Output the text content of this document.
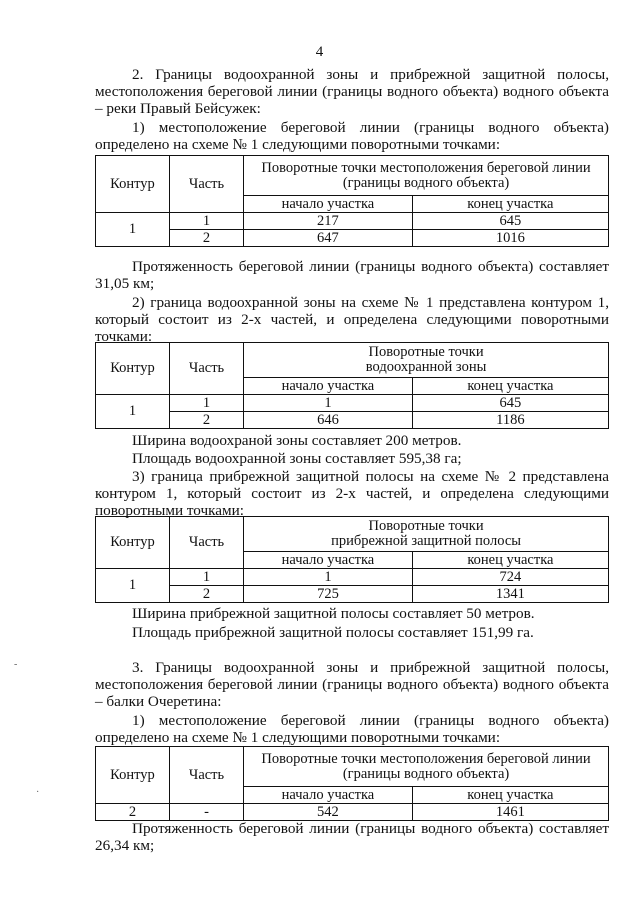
4

2. Границы водоохранной зоны и прибрежной защитной полосы, местоположения береговой линии (границы водного объекта) водного объекта – реки Правый Бейсужек:

1) местоположение береговой линии (границы водного объекта) определено на схеме № 1 следующими поворотными точками:

Контур	Часть	Поворотные точки местоположения береговой линии (границы водного объекта)	
		начало участка	конец участка
1	1	217	645
	2	647	1016

Протяженность береговой линии (границы водного объекта) составляет 31,05 км;

2) граница водоохранной зоны на схеме № 1 представлена контуром 1, который состоит из 2-х частей, и определена следующими поворотными точками:

Контур	Часть	Поворотные точки
водоохранной зоны	
		начало участка	конец участка
1	1	1	645
	2	646	1186
Ширина водоохраной зоны составляет 200 метров.
Площадь водоохранной зоны составляет 595,38 га;

3) граница прибрежной защитной полосы на схеме № 2 представлена контуром 1, который состоит из 2-х частей, и определена следующими поворотными точками:

Контур	Часть	Поворотные точки
прибрежной защитной полосы	
		начало участка	конец участка
1	1	1	724
	2	725	1341
Ширина прибрежной защитной полосы составляет 50 метров.
Площадь прибрежной защитной полосы составляет 151,99 га.

3. Границы водоохранной зоны и прибрежной защитной полосы, местоположения береговой линии (границы водного объекта) водного объекта – балки Очеретина:

1) местоположение береговой линии (границы водного объекта) определено на схеме № 1 следующими поворотными точками:

Контур	Часть	Поворотные точки местоположения береговой линии (границы водного объекта)	
		начало участка	конец участка
2	-	542	1461

Протяженность береговой линии (границы водного объекта) составляет 26,34 км;

-
·
